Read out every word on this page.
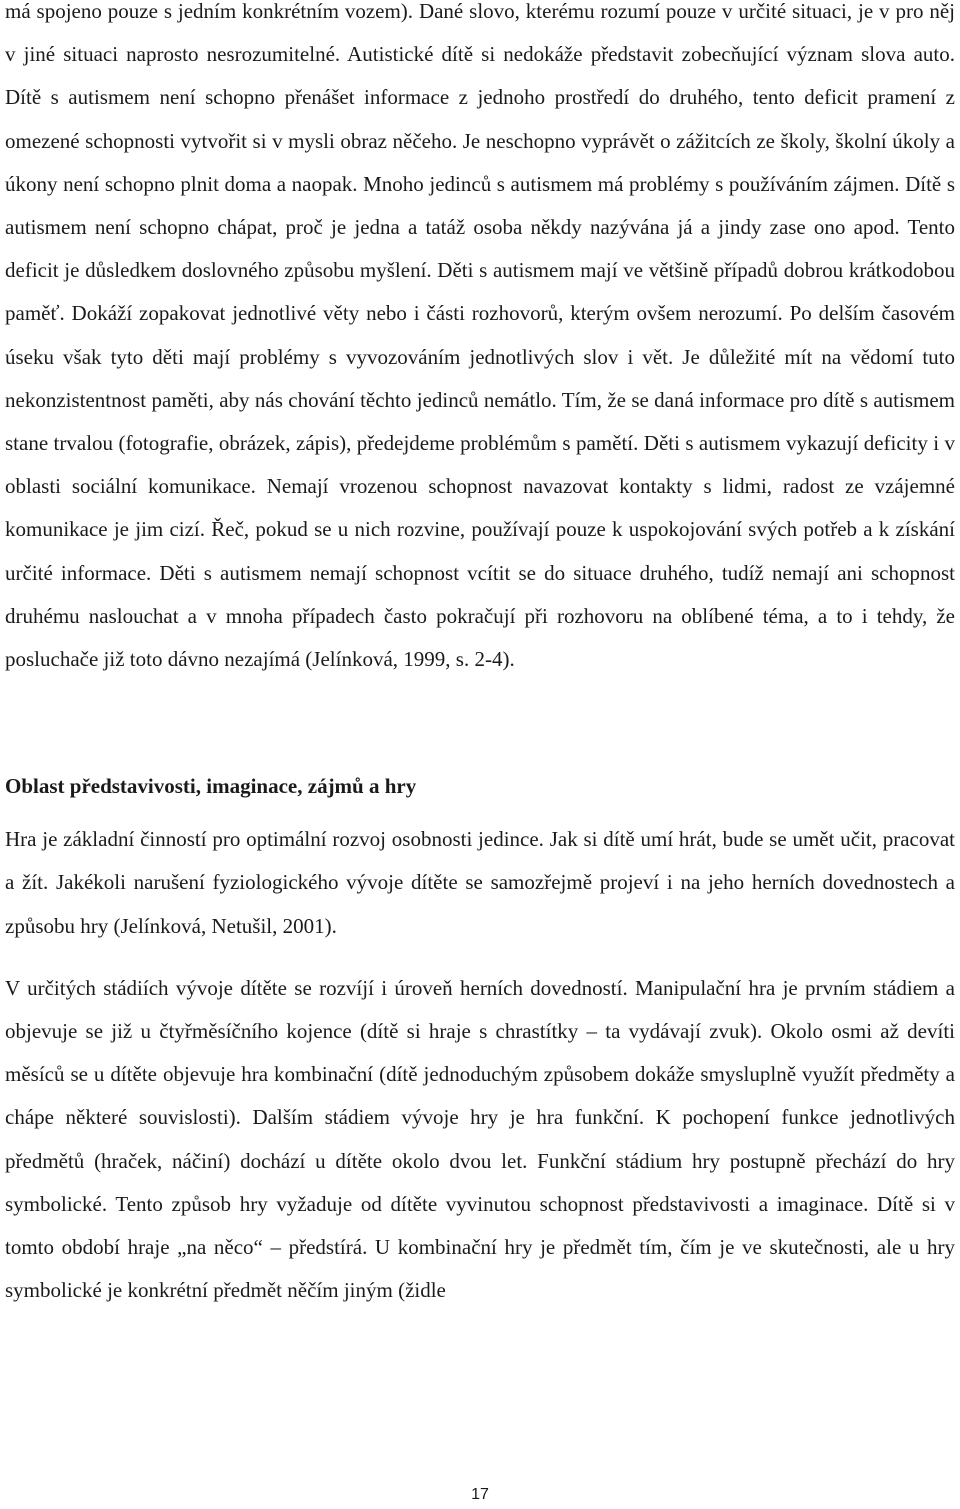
má spojeno pouze s jedním konkrétním vozem). Dané slovo, kterému rozumí pouze v určité situaci, je v pro něj v jiné situaci naprosto nesrozumitelné. Autistické dítě si nedokáže představit zobecňující význam slova auto. Dítě s autismem není schopno přenášet informace z jednoho prostředí do druhého, tento deficit pramení z omezené schopnosti vytvořit si v mysli obraz něčeho. Je neschopno vyprávět o zážitcích ze školy, školní úkoly a úkony není schopno plnit doma a naopak. Mnoho jedinců s autismem má problémy s používáním zájmen. Dítě s autismem není schopno chápat, proč je jedna a tatáž osoba někdy nazývána já a jindy zase ono apod. Tento deficit je důsledkem doslovného způsobu myšlení. Děti s autismem mají ve většině případů dobrou krátkodobou paměť. Dokáží zopakovat jednotlivé věty nebo i části rozhovorů, kterým ovšem nerozumí. Po delším časovém úseku však tyto děti mají problémy s vyvozováním jednotlivých slov i vět. Je důležité mít na vědomí tuto nekonzistentnost paměti, aby nás chování těchto jedinců nemátlo. Tím, že se daná informace pro dítě s autismem stane trvalou (fotografie, obrázek, zápis), předejdeme problémům s pamětí. Děti s autismem vykazují deficity i v oblasti sociální komunikace. Nemají vrozenou schopnost navazovat kontakty s lidmi, radost ze vzájemné komunikace je jim cizí. Řeč, pokud se u nich rozvine, používají pouze k uspokojování svých potřeb a k získání určité informace. Děti s autismem nemají schopnost vcítit se do situace druhého, tudíž nemají ani schopnost druhému naslouchat a v mnoha případech často pokračují při rozhovoru na oblíbené téma, a to i tehdy, že posluchače již toto dávno nezajímá (Jelínková, 1999, s. 2-4).

Oblast představivosti, imaginace, zájmů a hry

Hra je základní činností pro optimální rozvoj osobnosti jedince. Jak si dítě umí hrát, bude se umět učit, pracovat a žít. Jakékoli narušení fyziologického vývoje dítěte se samozřejmě projeví i na jeho herních dovednostech a způsobu hry (Jelínková, Netušil, 2001).

V určitých stádiích vývoje dítěte se rozvíjí i úroveň herních dovedností. Manipulační hra je prvním stádiem a objevuje se již u čtyřměsíčního kojence (dítě si hraje s chrastítky – ta vydávají zvuk). Okolo osmi až devíti měsíců se u dítěte objevuje hra kombinační (dítě jednoduchým způsobem dokáže smysluplně využít předměty a chápe některé souvislosti). Dalším stádiem vývoje hry je hra funkční. K pochopení funkce jednotlivých předmětů (hraček, náčiní) dochází u dítěte okolo dvou let. Funkční stádium hry postupně přechází do hry symbolické. Tento způsob hry vyžaduje od dítěte vyvinutou schopnost představivosti a imaginace. Dítě si v tomto období hraje „na něco“ – předstírá. U kombinační hry je předmět tím, čím je ve skutečnosti, ale u hry symbolické je konkrétní předmět něčím jiným (židle

17
